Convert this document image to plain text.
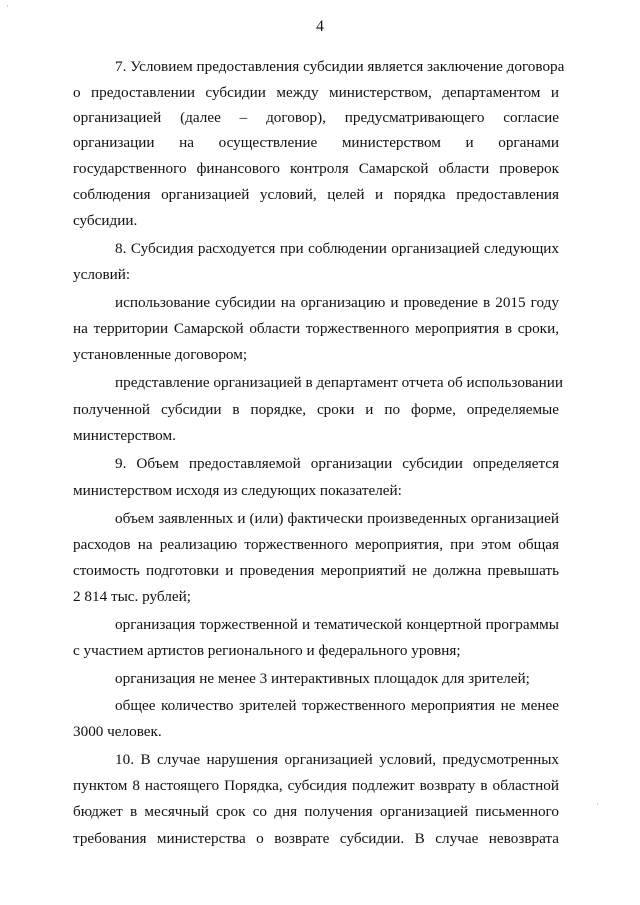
·
·
4
7. Условием предоставления субсидии является заключение договора
о предоставлении субсидии между министерством, департаментом и
организацией (далее – договор), предусматривающего согласие
организации на осуществление министерством и органами
государственного финансового контроля Самарской области проверок
соблюдения организацией условий, целей и порядка предоставления
субсидии.
8. Субсидия расходуется при соблюдении организацией следующих
условий:
использование субсидии на организацию и проведение в 2015 году
на территории Самарской области торжественного мероприятия в сроки,
установленные договором;
представление организацией в департамент отчета об использовании
полученной субсидии в порядке, сроки и по форме, определяемые
министерством.
9. Объем предоставляемой организации субсидии определяется
министерством исходя из следующих показателей:
объем заявленных и (или) фактически произведенных организацией
расходов на реализацию торжественного мероприятия, при этом общая
стоимость подготовки и проведения мероприятий не должна превышать
2 814 тыс. рублей;
организация торжественной и тематической концертной программы
с участием артистов регионального и федерального уровня;
организация не менее 3 интерактивных площадок для зрителей;
общее количество зрителей торжественного мероприятия не менее
3000 человек.
10. В случае нарушения организацией условий, предусмотренных
пунктом 8 настоящего Порядка, субсидия подлежит возврату в областной
бюджет в месячный срок со дня получения организацией письменного
требования министерства о возврате субсидии. В случае невозврата
